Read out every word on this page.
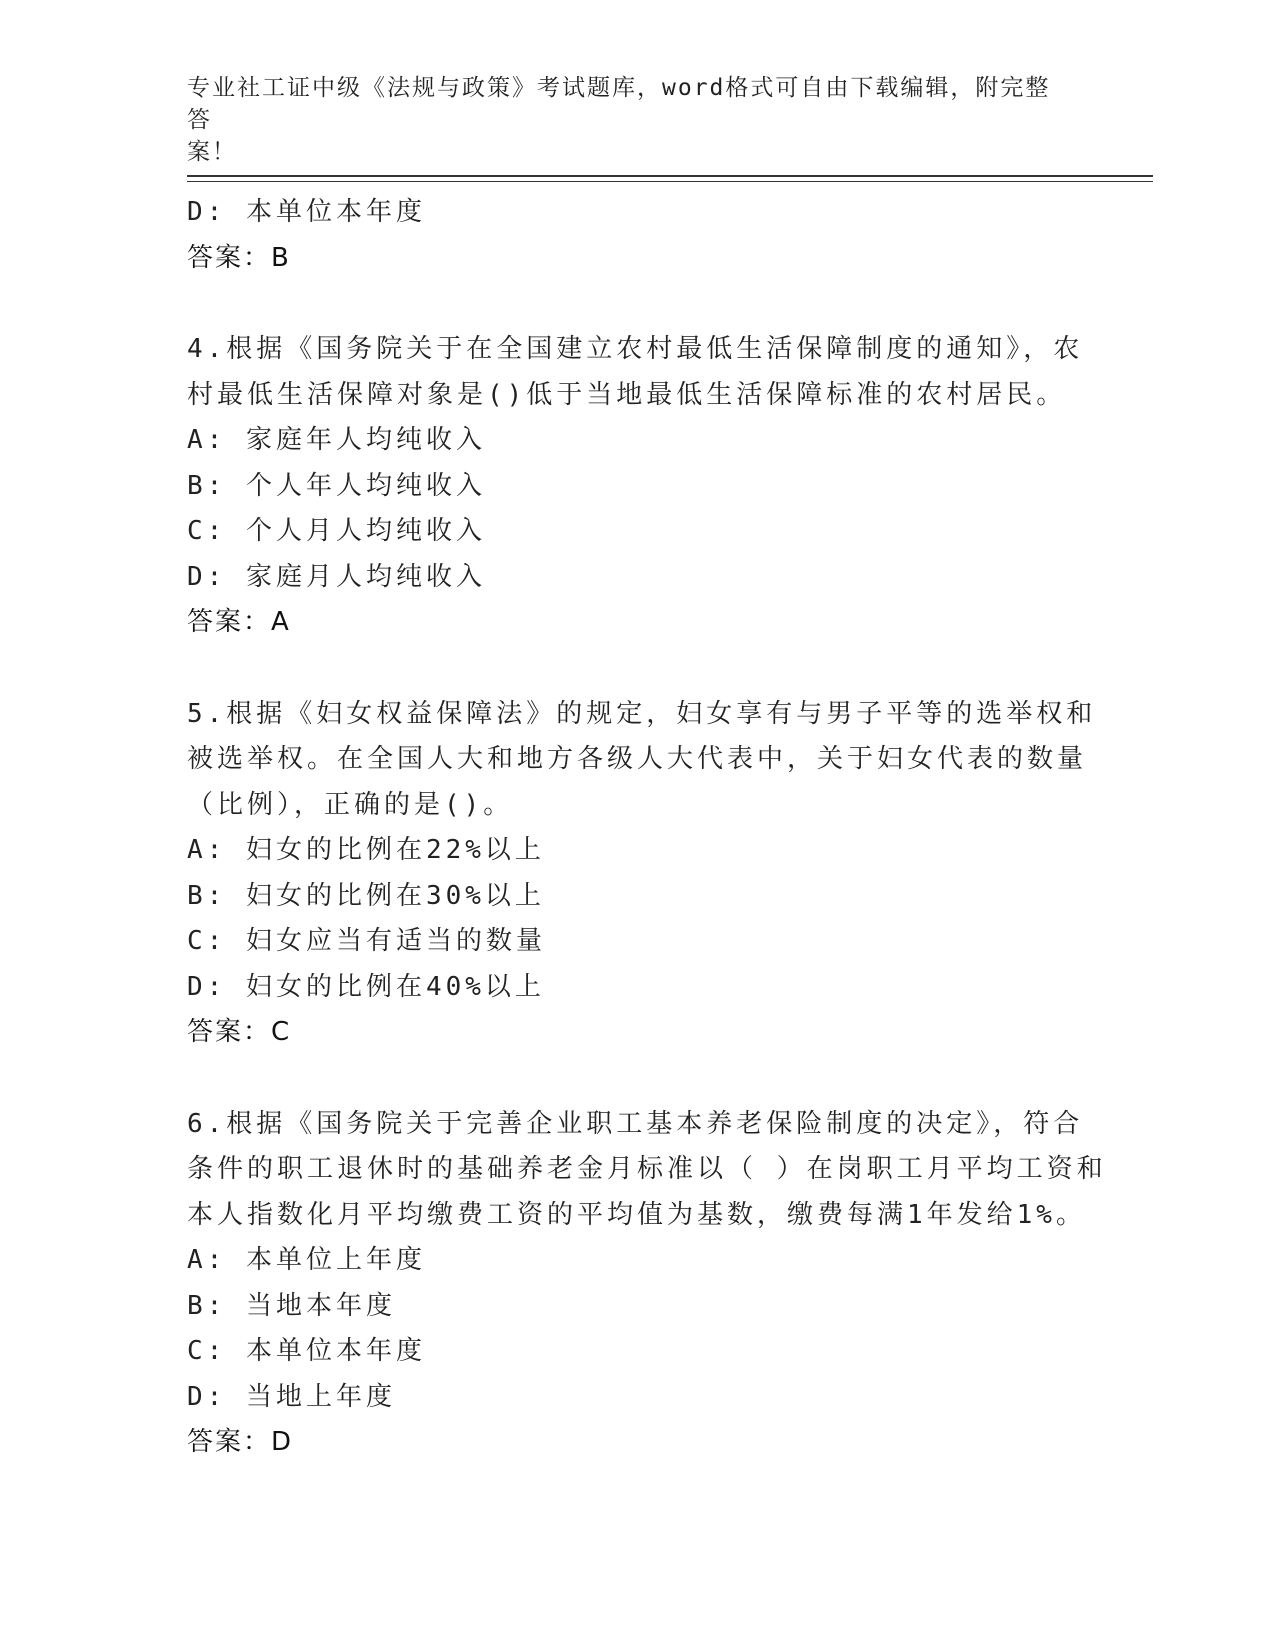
专业社工证中级《法规与政策》考试题库，word格式可自由下载编辑，附完整答
案！
D: 本单位本年度
答案：B
4.根据《国务院关于在全国建立农村最低生活保障制度的通知》，农
村最低生活保障对象是()低于当地最低生活保障标准的农村居民。
A: 家庭年人均纯收入
B: 个人年人均纯收入
C: 个人月人均纯收入
D: 家庭月人均纯收入
答案：A
5.根据《妇女权益保障法》的规定，妇女享有与男子平等的选举权和
被选举权。在全国人大和地方各级人大代表中，关于妇女代表的数量
（比例），正确的是()。
A: 妇女的比例在22%以上
B: 妇女的比例在30%以上
C: 妇女应当有适当的数量
D: 妇女的比例在40%以上
答案：C
6.根据《国务院关于完善企业职工基本养老保险制度的决定》，符合
条件的职工退休时的基础养老金月标准以（ ）在岗职工月平均工资和
本人指数化月平均缴费工资的平均值为基数，缴费每满1年发给1%。
A: 本单位上年度
B: 当地本年度
C: 本单位本年度
D: 当地上年度
答案：D
